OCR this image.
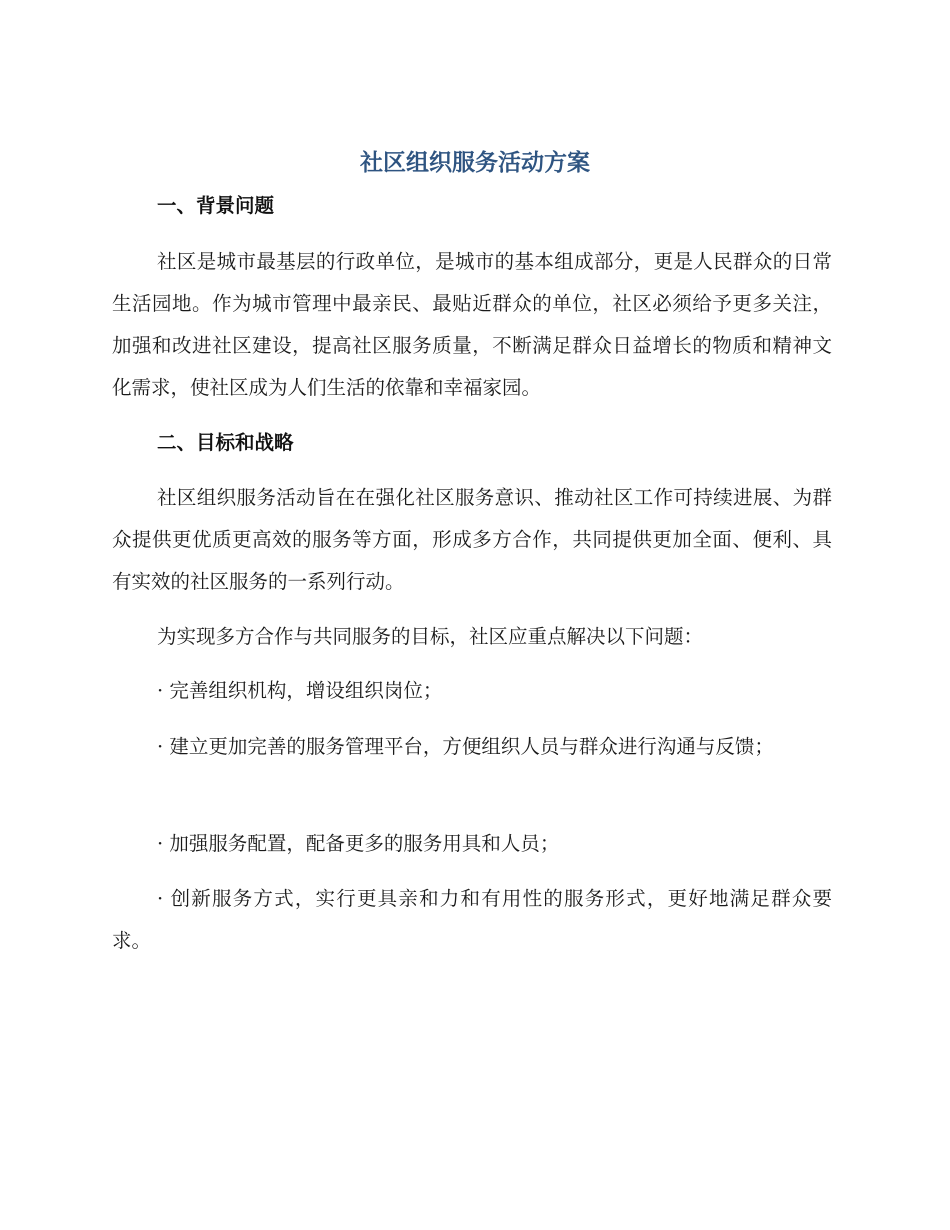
社区组织服务活动方案
一、背景问题

社区是城市最基层的行政单位，是城市的基本组成部分，更是人民群众的日常生活园地。作为城市管理中最亲民、最贴近群众的单位，社区必须给予更多关注，加强和改进社区建设，提高社区服务质量，不断满足群众日益增长的物质和精神文化需求，使社区成为人们生活的依靠和幸福家园。

二、目标和战略

社区组织服务活动旨在在强化社区服务意识、推动社区工作可持续进展、为群众提供更优质更高效的服务等方面，形成多方合作，共同提供更加全面、便利、具有实效的社区服务的一系列行动。

为实现多方合作与共同服务的目标，社区应重点解决以下问题：

· 完善组织机构，增设组织岗位；

· 建立更加完善的服务管理平台，方便组织人员与群众进行沟通与反馈；

· 加强服务配置，配备更多的服务用具和人员；

· 创新服务方式，实行更具亲和力和有用性的服务形式，更好地满足群众要求。
